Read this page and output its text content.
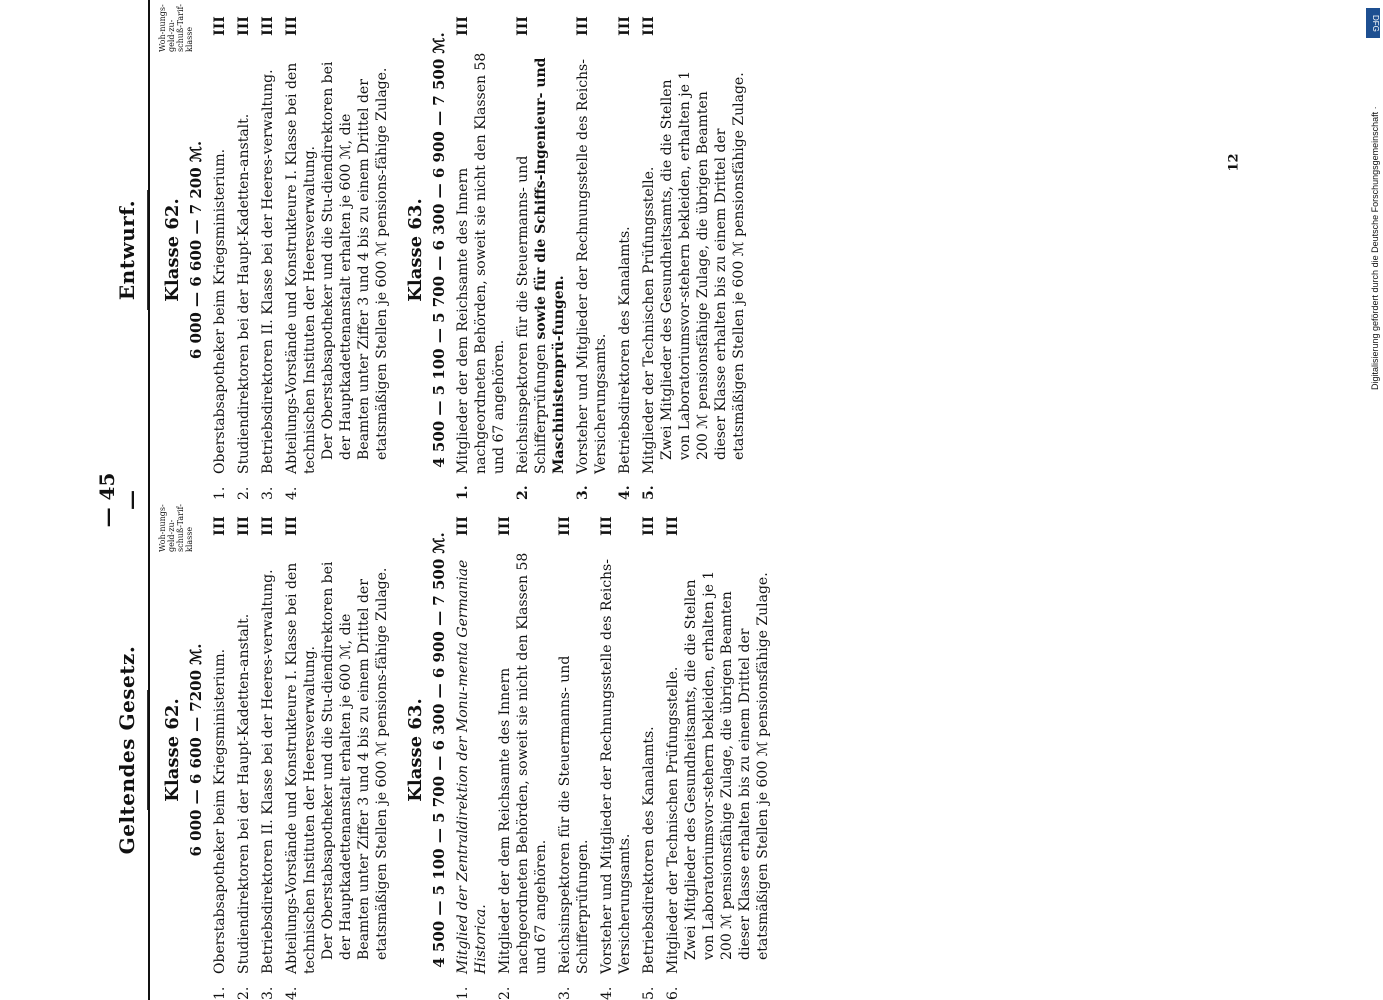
— 45 —
Geltendes Gesetz.
Woh-nungs-geld-zu-schuß-Tarif-klasse
Klasse 62. 6 000 — 6 600 — 7200 ℳ.
1.
Oberstabsapotheker beim Kriegsministerium.
III
2.
Studiendirektoren bei der Haupt-Kadetten-anstalt.
III
3.
Betriebsdirektoren II. Klasse bei der Heeres-verwaltung.
III
4.
Abteilungs-Vorstände und Konstrukteure I. Klasse bei den technischen Instituten der Heeresverwaltung.
III
Der Oberstabsapotheker und die Stu-diendirektoren bei der Hauptkadettenanstalt erhalten je 600 ℳ, die Beamten unter Ziffer 3 und 4 bis zu einem Drittel der etatsmäßigen Stellen je 600 ℳ pensions-fähige Zulage. Klasse 63. 4 500 — 5 100 — 5 700 — 6 300 — 6 900 — 7 500 ℳ.
1.
Mitglied der Zentraldirektion der Monu-menta Germaniae Historica.
III
2.
Mitglieder der dem Reichsamte des Innern nachgeordneten Behörden, soweit sie nicht den Klassen 58 und 67 angehören.
III
3.
Reichsinspektoren für die Steuermanns- und Schifferprüfungen.
III
4.
Vorsteher und Mitglieder der Rechnungsstelle des Reichs-Versicherungsamts.
III
5.
Betriebsdirektoren des Kanalamts.
III
6.
Mitglieder der Technischen Prüfungsstelle.
III
Zwei Mitglieder des Gesundheitsamts, die die Stellen von Laboratoriumsvor-stehern bekleiden, erhalten je 1 200 ℳ pensionsfähige Zulage, die übrigen Beamten dieser Klasse erhalten bis zu einem Drittel der etatsmäßigen Stellen je 600 ℳ pensionsfähige Zulage.
Entwurf.
Woh-nungs-geld-zu-schuß-Tarif-klasse
Klasse 62. 6 000 — 6 600 — 7 200 ℳ.
1.
Oberstabsapotheker beim Kriegsministerium.
III
2.
Studiendirektoren bei der Haupt-Kadetten-anstalt.
III
3.
Betriebsdirektoren II. Klasse bei der Heeres-verwaltung.
III
4.
Abteilungs-Vorstände und Konstrukteure I. Klasse bei den technischen Instituten der Heeresverwaltung.
III
Der Oberstabsapotheker und die Stu-diendirektoren bei der Hauptkadettenanstalt erhalten je 600 ℳ, die Beamten unter Ziffer 3 und 4 bis zu einem Drittel der etatsmäßigen Stellen je 600 ℳ pensions-fähige Zulage. Klasse 63. 4 500 — 5 100 — 5 700 — 6 300 — 6 900 — 7 500 ℳ.
1.
Mitglieder der dem Reichsamte des Innern nachgeordneten Behörden, soweit sie nicht den Klassen 58 und 67 angehören.
III
2.
Reichsinspektoren für die Steuermanns- und Schifferprüfungen sowie für die Schiffs-ingenieur- und Maschinistenprü-fungen.
III
3.
Vorsteher und Mitglieder der Rechnungsstelle des Reichs-Versicherungsamts.
III
4.
Betriebsdirektoren des Kanalamts.
III
5.
Mitglieder der Technischen Prüfungsstelle.
III
Zwei Mitglieder des Gesundheitsamts, die die Stellen von Laboratoriumsvor-stehern bekleiden, erhalten je 1 200 ℳ pensionsfähige Zulage, die übrigen Beamten dieser Klasse erhalten bis zu einem Drittel der etatsmäßigen Stellen je 600 ℳ pensionsfähige Zulage.	12	Digitalisierung gefördert durch die Deutsche Forschungsgemeinschaft ·
DFG
